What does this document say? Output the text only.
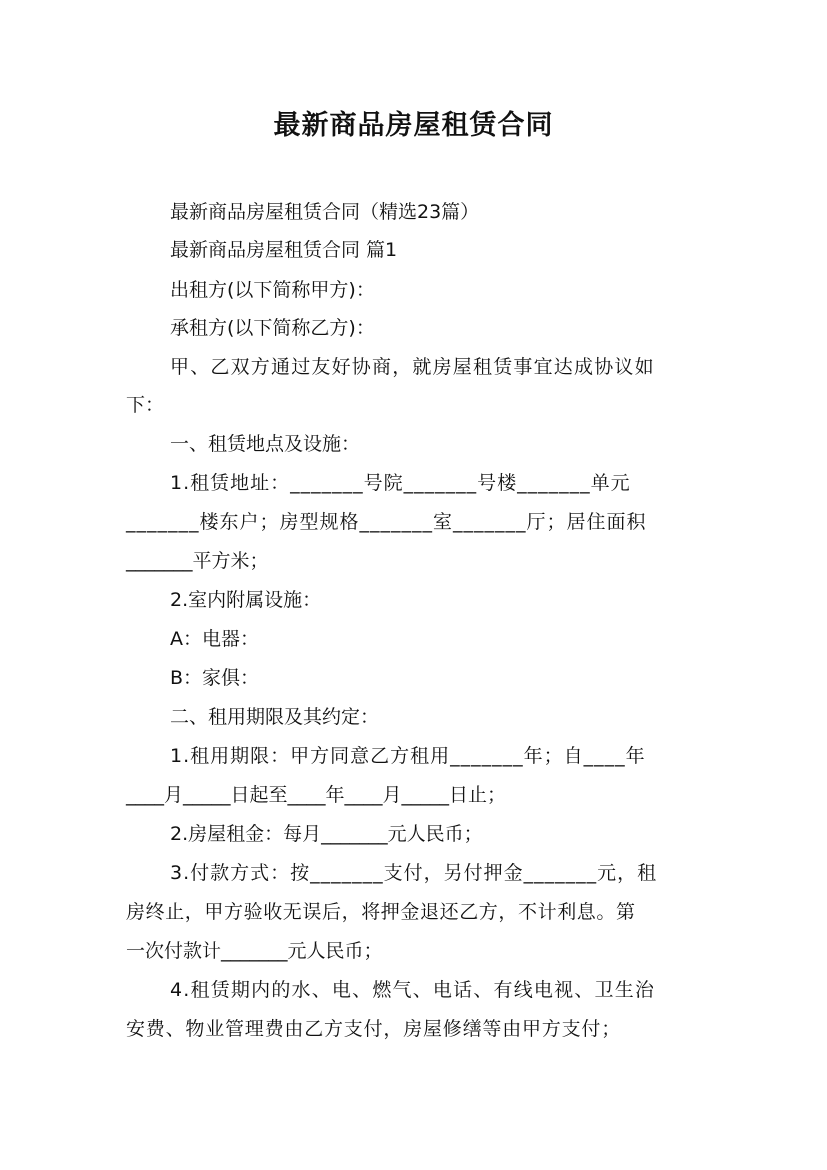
最新商品房屋租赁合同
最新商品房屋租赁合同（精选23篇）
最新商品房屋租赁合同 篇1
出租方(以下简称甲方)：
承租方(以下简称乙方)：
甲、乙双方通过友好协商，就房屋租赁事宜达成协议如
下：
一、租赁地点及设施：
1.租赁地址：_______号院_______号楼_______单元
_______楼东户；房型规格_______室_______厅；居住面积
_______平方米；
2.室内附属设施：
A：电器：
B：家俱：
二、租用期限及其约定：
1.租用期限：甲方同意乙方租用_______年；自____年
____月_____日起至____年____月_____日止；
2.房屋租金：每月_______元人民币；
3.付款方式：按_______支付，另付押金_______元，租
房终止，甲方验收无误后，将押金退还乙方，不计利息。第
一次付款计_______元人民币；
4.租赁期内的水、电、燃气、电话、有线电视、卫生治
安费、物业管理费由乙方支付，房屋修缮等由甲方支付；
